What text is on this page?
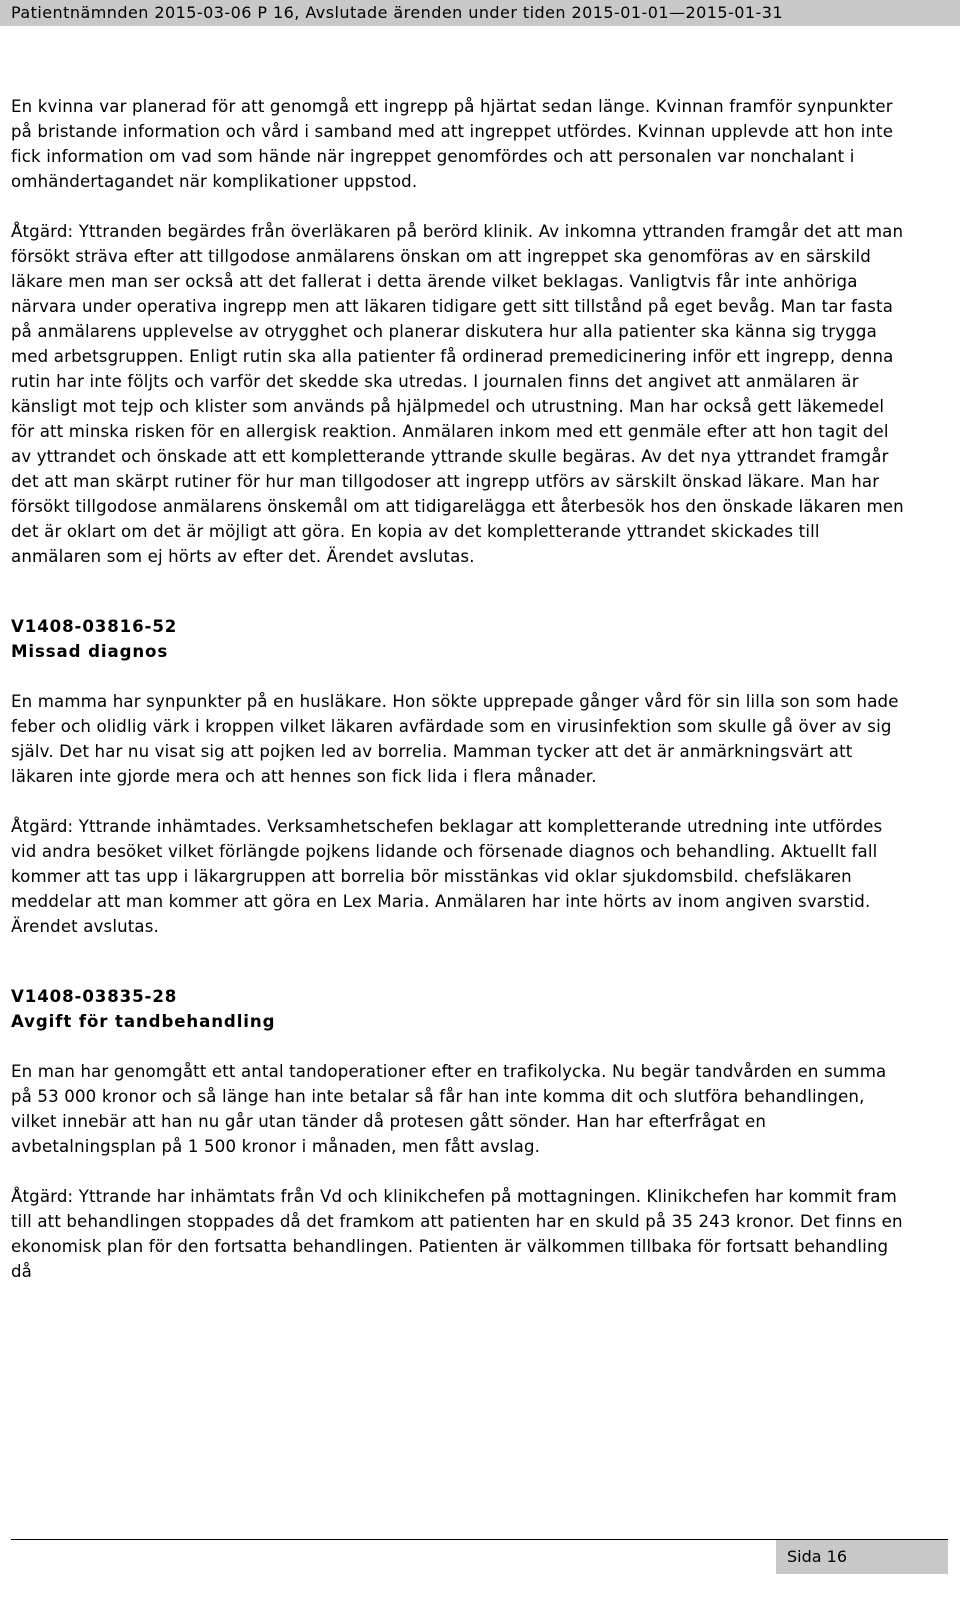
Patientnämnden 2015-03-06 P 16, Avslutade ärenden under tiden 2015-01-01—2015-01-31

En kvinna var planerad för att genomgå ett ingrepp på hjärtat sedan länge. Kvinnan framför synpunkter på bristande information och vård i samband med att ingreppet utfördes. Kvinnan upplevde att hon inte fick information om vad som hände när ingreppet genomfördes och att personalen var nonchalant i omhändertagandet när komplikationer uppstod.

Åtgärd: Yttranden begärdes från överläkaren på berörd klinik. Av inkomna yttranden framgår det att man försökt sträva efter att tillgodose anmälarens önskan om att ingreppet ska genomföras av en särskild läkare men man ser också att det fallerat i detta ärende vilket beklagas. Vanligtvis får inte anhöriga närvara under operativa ingrepp men att läkaren tidigare gett sitt tillstånd på eget bevåg. Man tar fasta på anmälarens upplevelse av otrygghet och planerar diskutera hur alla patienter ska känna sig trygga med arbetsgruppen. Enligt rutin ska alla patienter få ordinerad premedicinering inför ett ingrepp, denna rutin har inte följts och varför det skedde ska utredas. I journalen finns det angivet att anmälaren är känsligt mot tejp och klister som används på hjälpmedel och utrustning. Man har också gett läkemedel för att minska risken för en allergisk reaktion. Anmälaren inkom med ett genmäle efter att hon tagit del av yttrandet och önskade att ett kompletterande yttrande skulle begäras. Av det nya yttrandet framgår det att man skärpt rutiner för hur man tillgodoser att ingrepp utförs av särskilt önskad läkare. Man har försökt tillgodose anmälarens önskemål om att tidigarelägga ett återbesök hos den önskade läkaren men det är oklart om det är möjligt att göra. En kopia av det kompletterande yttrandet skickades till anmälaren som ej hörts av efter det. Ärendet avslutas.

V1408-03816-52

Missad diagnos

En mamma har synpunkter på en husläkare. Hon sökte upprepade gånger vård för sin lilla son som hade feber och olidlig värk i kroppen vilket läkaren avfärdade som en virusinfektion som skulle gå över av sig själv. Det har nu visat sig att pojken led av borrelia. Mamman tycker att det är anmärkningsvärt att läkaren inte gjorde mera och att hennes son fick lida i flera månader.

Åtgärd: Yttrande inhämtades. Verksamhetschefen beklagar att kompletterande utredning inte utfördes vid andra besöket vilket förlängde pojkens lidande och försenade diagnos och behandling. Aktuellt fall kommer att tas upp i läkargruppen att borrelia bör misstänkas vid oklar sjukdomsbild. chefsläkaren meddelar att man kommer att göra en Lex Maria. Anmälaren har inte hörts av inom angiven svarstid. Ärendet avslutas.

V1408-03835-28

Avgift för tandbehandling

En man har genomgått ett antal tandoperationer efter en trafikolycka. Nu begär tandvården en summa på 53 000 kronor och så länge han inte betalar så får han inte komma dit och slutföra behandlingen, vilket innebär att han nu går utan tänder då protesen gått sönder. Han har efterfrågat en avbetalningsplan på 1 500 kronor i månaden, men fått avslag.

Åtgärd: Yttrande har inhämtats från Vd och klinikchefen på mottagningen. Klinikchefen har kommit fram till att behandlingen stoppades då det framkom att patienten har en skuld på 35 243 kronor. Det finns en ekonomisk plan för den fortsatta behandlingen. Patienten är välkommen tillbaka för fortsatt behandling då

Sida 16
